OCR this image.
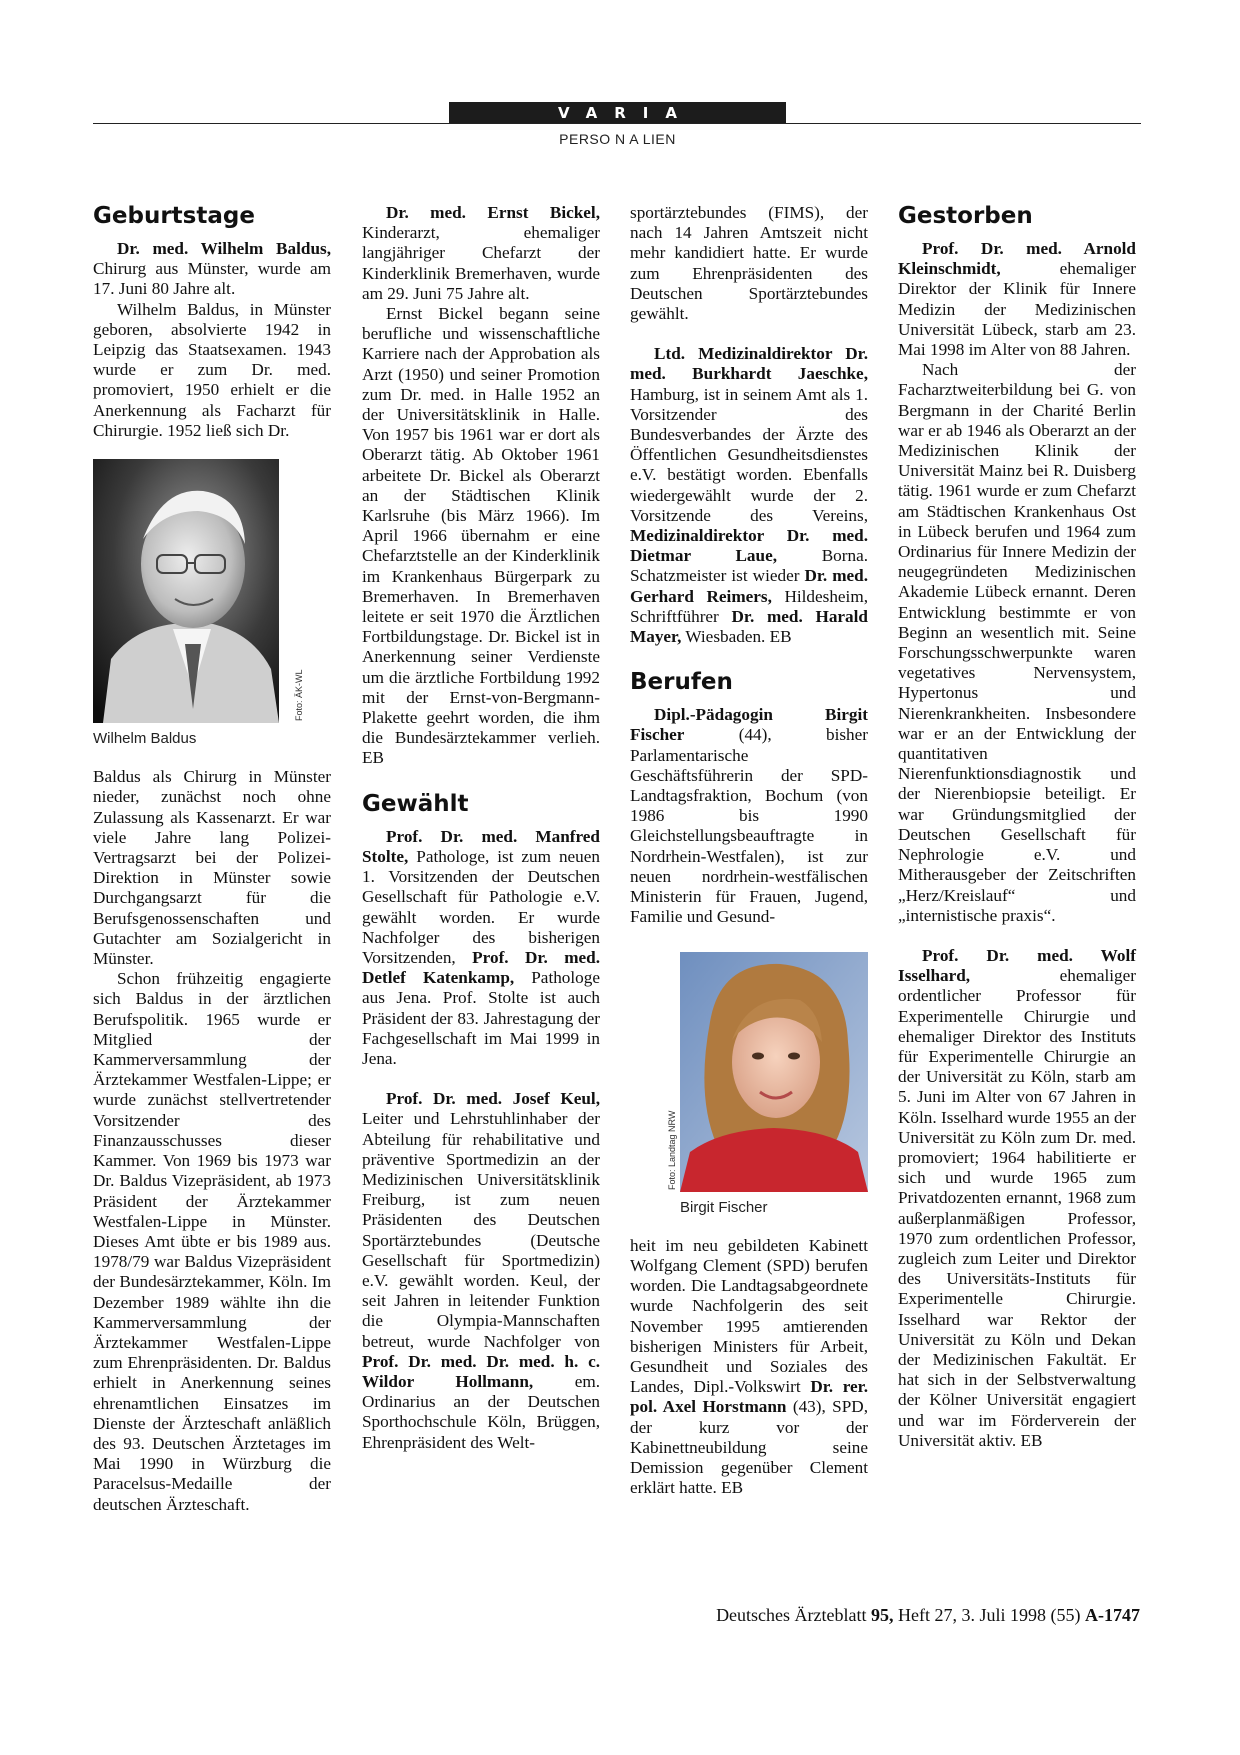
VARIA
PERSO N A LIEN
Geburtstage

Dr. med. Wilhelm Baldus, Chirurg aus Münster, wurde am 17. Juni 80 Jahre alt.

Wilhelm Baldus, in Münster geboren, absolvierte 1942 in Leipzig das Staatsexamen. 1943 wurde er zum Dr. med. promoviert, 1950 erhielt er die Anerkennung als Facharzt für Chirurgie. 1952 ließ sich Dr.

Foto: ÄK-WL
Wilhelm Baldus

Baldus als Chirurg in Münster nieder, zunächst noch ohne Zulassung als Kassenarzt. Er war viele Jahre lang Polizei-Vertragsarzt bei der Polizei-Direktion in Münster sowie Durchgangsarzt für die Berufsgenossenschaften und Gutachter am Sozialgericht in Münster.

Schon frühzeitig engagierte sich Baldus in der ärztlichen Berufspolitik. 1965 wurde er Mitglied der Kammerversammlung der Ärztekammer Westfalen-Lippe; er wurde zunächst stellvertretender Vorsitzender des Finanzausschusses dieser Kammer. Von 1969 bis 1973 war Dr. Baldus Vizepräsident, ab 1973 Präsident der Ärztekammer Westfalen-Lippe in Münster. Dieses Amt übte er bis 1989 aus. 1978/79 war Baldus Vizepräsident der Bundesärztekammer, Köln. Im Dezember 1989 wählte ihn die Kammerversammlung der Ärztekammer Westfalen-Lippe zum Ehrenpräsidenten. Dr. Baldus erhielt in Anerkennung seines ehrenamtlichen Einsatzes im Dienste der Ärzteschaft anläßlich des 93. Deutschen Ärztetages im Mai 1990 in Würzburg die Paracelsus-Medaille der deutschen Ärzteschaft.

Dr. med. Ernst Bickel, Kinderarzt, ehemaliger langjähriger Chefarzt der Kinderklinik Bremerhaven, wurde am 29. Juni 75 Jahre alt.

Ernst Bickel begann seine berufliche und wissenschaftliche Karriere nach der Approbation als Arzt (1950) und seiner Promotion zum Dr. med. in Halle 1952 an der Universitätsklinik in Halle. Von 1957 bis 1961 war er dort als Oberarzt tätig. Ab Oktober 1961 arbeitete Dr. Bickel als Oberarzt an der Städtischen Klinik Karlsruhe (bis März 1966). Im April 1966 übernahm er eine Chefarztstelle an der Kinderklinik im Krankenhaus Bürgerpark zu Bremerhaven. In Bremerhaven leitete er seit 1970 die Ärztlichen Fortbildungstage. Dr. Bickel ist in Anerkennung seiner Verdienste um die ärztliche Fortbildung 1992 mit der Ernst-von-Bergmann-Plakette geehrt worden, die ihm die Bundesärztekammer verlieh. EB

Gewählt

Prof. Dr. med. Manfred Stolte, Pathologe, ist zum neuen 1. Vorsitzenden der Deutschen Gesellschaft für Pathologie e.V. gewählt worden. Er wurde Nachfolger des bisherigen Vorsitzenden, Prof. Dr. med. Detlef Katenkamp, Pathologe aus Jena. Prof. Stolte ist auch Präsident der 83. Jahrestagung der Fachgesellschaft im Mai 1999 in Jena.

Prof. Dr. med. Josef Keul, Leiter und Lehrstuhlinhaber der Abteilung für rehabilitative und präventive Sportmedizin an der Medizinischen Universitätsklinik Freiburg, ist zum neuen Präsidenten des Deutschen Sportärztebundes (Deutsche Gesellschaft für Sportmedizin) e.V. gewählt worden. Keul, der seit Jahren in leitender Funktion die Olympia-Mannschaften betreut, wurde Nachfolger von Prof. Dr. med. Dr. med. h. c. Wildor Hollmann, em. Ordinarius an der Deutschen Sporthochschule Köln, Brüggen, Ehrenpräsident des Welt-

sportärztebundes (FIMS), der nach 14 Jahren Amtszeit nicht mehr kandidiert hatte. Er wurde zum Ehrenpräsidenten des Deutschen Sportärztebundes gewählt.

Ltd. Medizinaldirektor Dr. med. Burkhardt Jaeschke, Hamburg, ist in seinem Amt als 1. Vorsitzender des Bundesverbandes der Ärzte des Öffentlichen Gesundheitsdienstes e.V. bestätigt worden. Ebenfalls wiedergewählt wurde der 2. Vorsitzende des Vereins, Medizinaldirektor Dr. med. Dietmar Laue, Borna. Schatzmeister ist wieder Dr. med. Gerhard Reimers, Hildesheim, Schriftführer Dr. med. Harald Mayer, Wiesbaden. EB

Berufen

Dipl.-Pädagogin Birgit Fischer (44), bisher Parlamentarische Geschäftsführerin der SPD-Landtagsfraktion, Bochum (von 1986 bis 1990 Gleichstellungsbeauftragte in Nordrhein-Westfalen), ist zur neuen nordrhein-westfälischen Ministerin für Frauen, Jugend, Familie und Gesund-

Foto: Landtag NRW
Birgit Fischer

heit im neu gebildeten Kabinett Wolfgang Clement (SPD) berufen worden. Die Landtagsabgeordnete wurde Nachfolgerin des seit November 1995 amtierenden bisherigen Ministers für Arbeit, Gesundheit und Soziales des Landes, Dipl.-Volkswirt Dr. rer. pol. Axel Horstmann (43), SPD, der kurz vor der Kabinettneubildung seine Demission gegenüber Clement erklärt hatte. EB

Gestorben

Prof. Dr. med. Arnold Kleinschmidt, ehemaliger Direktor der Klinik für Innere Medizin der Medizinischen Universität Lübeck, starb am 23. Mai 1998 im Alter von 88 Jahren.

Nach der Facharztweiterbildung bei G. von Bergmann in der Charité Berlin war er ab 1946 als Oberarzt an der Medizinischen Klinik der Universität Mainz bei R. Duisberg tätig. 1961 wurde er zum Chefarzt am Städtischen Krankenhaus Ost in Lübeck berufen und 1964 zum Ordinarius für Innere Medizin der neugegründeten Medizinischen Akademie Lübeck ernannt. Deren Entwicklung bestimmte er von Beginn an wesentlich mit. Seine Forschungsschwerpunkte waren vegetatives Nervensystem, Hypertonus und Nierenkrankheiten. Insbesondere war er an der Entwicklung der quantitativen Nierenfunktionsdiagnostik und der Nierenbiopsie beteiligt. Er war Gründungsmitglied der Deutschen Gesellschaft für Nephrologie e.V. und Mitherausgeber der Zeitschriften „Herz/Kreislauf“ und „internistische praxis“.

Prof. Dr. med. Wolf Isselhard, ehemaliger ordentlicher Professor für Experimentelle Chirurgie und ehemaliger Direktor des Instituts für Experimentelle Chirurgie an der Universität zu Köln, starb am 5. Juni im Alter von 67 Jahren in Köln. Isselhard wurde 1955 an der Universität zu Köln zum Dr. med. promoviert; 1964 habilitierte er sich und wurde 1965 zum Privatdozenten ernannt, 1968 zum außerplanmäßigen Professor, 1970 zum ordentlichen Professor, zugleich zum Leiter und Direktor des Universitäts-Instituts für Experimentelle Chirurgie. Isselhard war Rektor der Universität zu Köln und Dekan der Medizinischen Fakultät. Er hat sich in der Selbstverwaltung der Kölner Universität engagiert und war im Förderverein der Universität aktiv. EB

Deutsches Ärzteblatt 95, Heft 27, 3. Juli 1998 (55) A-1747
